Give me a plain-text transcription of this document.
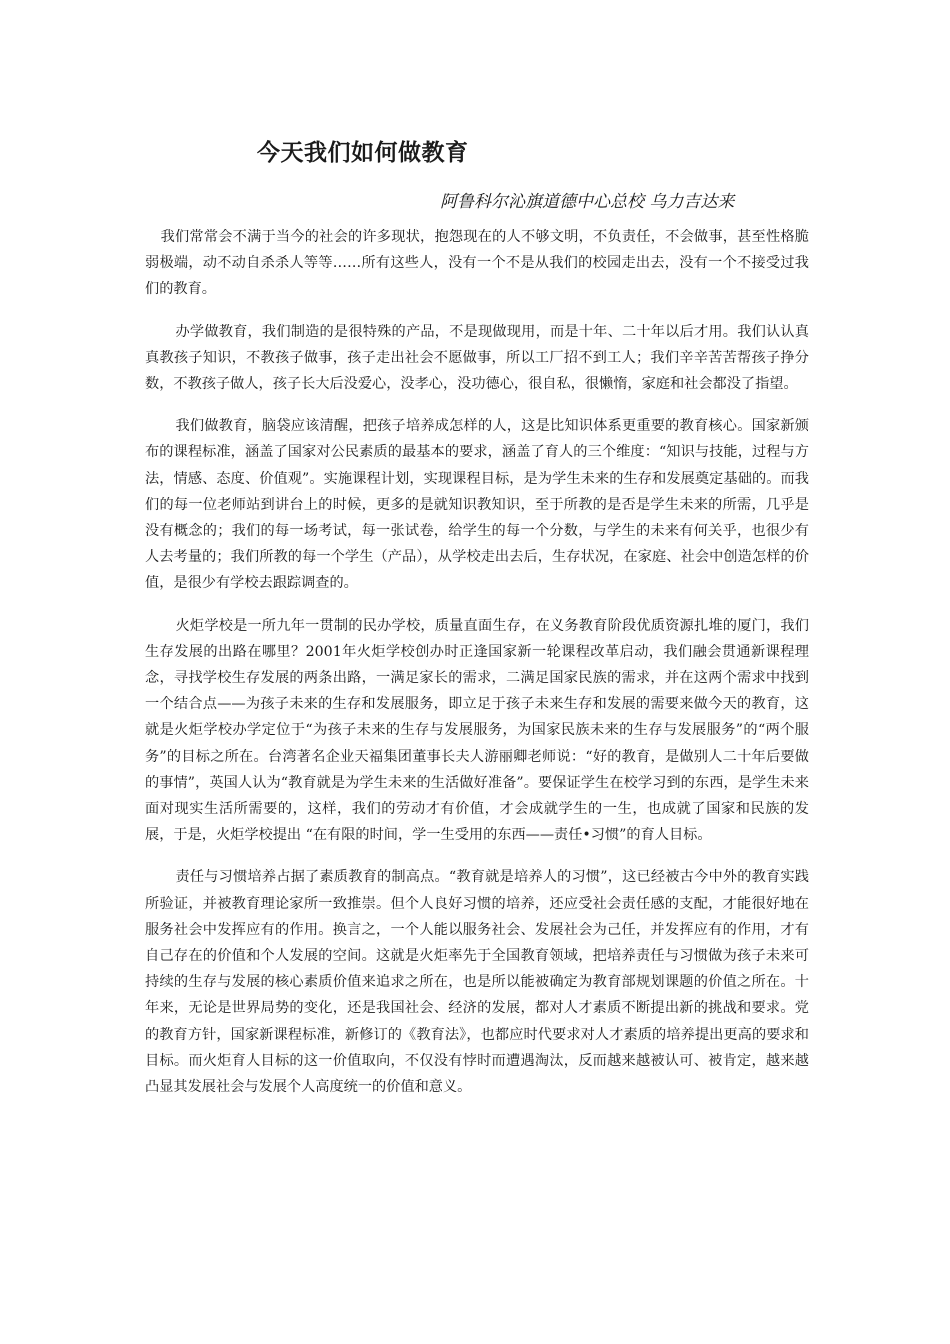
今天我们如何做教育
阿鲁科尔沁旗道德中心总校 乌力吉达来

我们常常会不满于当今的社会的许多现状，抱怨现在的人不够文明，不负责任，不会做事，甚至性格脆弱极端，动不动自杀杀人等等……所有这些人，没有一个不是从我们的校园走出去，没有一个不接受过我们的教育。

办学做教育，我们制造的是很特殊的产品，不是现做现用，而是十年、二十年以后才用。我们认认真真教孩子知识，不教孩子做事，孩子走出社会不愿做事，所以工厂招不到工人；我们辛辛苦苦帮孩子挣分数，不教孩子做人，孩子长大后没爱心，没孝心，没功德心，很自私，很懒惰，家庭和社会都没了指望。

我们做教育，脑袋应该清醒，把孩子培养成怎样的人，这是比知识体系更重要的教育核心。国家新颁布的课程标准，涵盖了国家对公民素质的最基本的要求，涵盖了育人的三个维度：“知识与技能，过程与方法，情感、态度、价值观”。实施课程计划，实现课程目标，是为学生未来的生存和发展奠定基础的。而我们的每一位老师站到讲台上的时候，更多的是就知识教知识，至于所教的是否是学生未来的所需，几乎是没有概念的；我们的每一场考试，每一张试卷，给学生的每一个分数，与学生的未来有何关乎，也很少有人去考量的；我们所教的每一个学生（产品），从学校走出去后，生存状况，在家庭、社会中创造怎样的价值，是很少有学校去跟踪调查的。

火炬学校是一所九年一贯制的民办学校，质量直面生存，在义务教育阶段优质资源扎堆的厦门，我们生存发展的出路在哪里？2001年火炬学校创办时正逢国家新一轮课程改革启动，我们融会贯通新课程理念，寻找学校生存发展的两条出路，一满足家长的需求，二满足国家民族的需求，并在这两个需求中找到一个结合点——为孩子未来的生存和发展服务，即立足于孩子未来生存和发展的需要来做今天的教育，这就是火炬学校办学定位于“为孩子未来的生存与发展服务，为国家民族未来的生存与发展服务”的“两个服务”的目标之所在。台湾著名企业天福集团董事长夫人游丽卿老师说：“好的教育，是做别人二十年后要做的事情”，英国人认为“教育就是为学生未来的生活做好准备”。要保证学生在校学习到的东西，是学生未来面对现实生活所需要的，这样，我们的劳动才有价值，才会成就学生的一生，也成就了国家和民族的发展，于是，火炬学校提出 “在有限的时间，学一生受用的东西——责任•习惯”的育人目标。

责任与习惯培养占据了素质教育的制高点。“教育就是培养人的习惯”，这已经被古今中外的教育实践所验证，并被教育理论家所一致推崇。但个人良好习惯的培养，还应受社会责任感的支配，才能很好地在服务社会中发挥应有的作用。换言之，一个人能以服务社会、发展社会为己任，并发挥应有的作用，才有自己存在的价值和个人发展的空间。这就是火炬率先于全国教育领域，把培养责任与习惯做为孩子未来可持续的生存与发展的核心素质价值来追求之所在，也是所以能被确定为教育部规划课题的价值之所在。十年来，无论是世界局势的变化，还是我国社会、经济的发展，都对人才素质不断提出新的挑战和要求。党的教育方针，国家新课程标准，新修订的《教育法》，也都应时代要求对人才素质的培养提出更高的要求和目标。而火炬育人目标的这一价值取向，不仅没有悖时而遭遇淘汰，反而越来越被认可、被肯定，越来越凸显其发展社会与发展个人高度统一的价值和意义。
